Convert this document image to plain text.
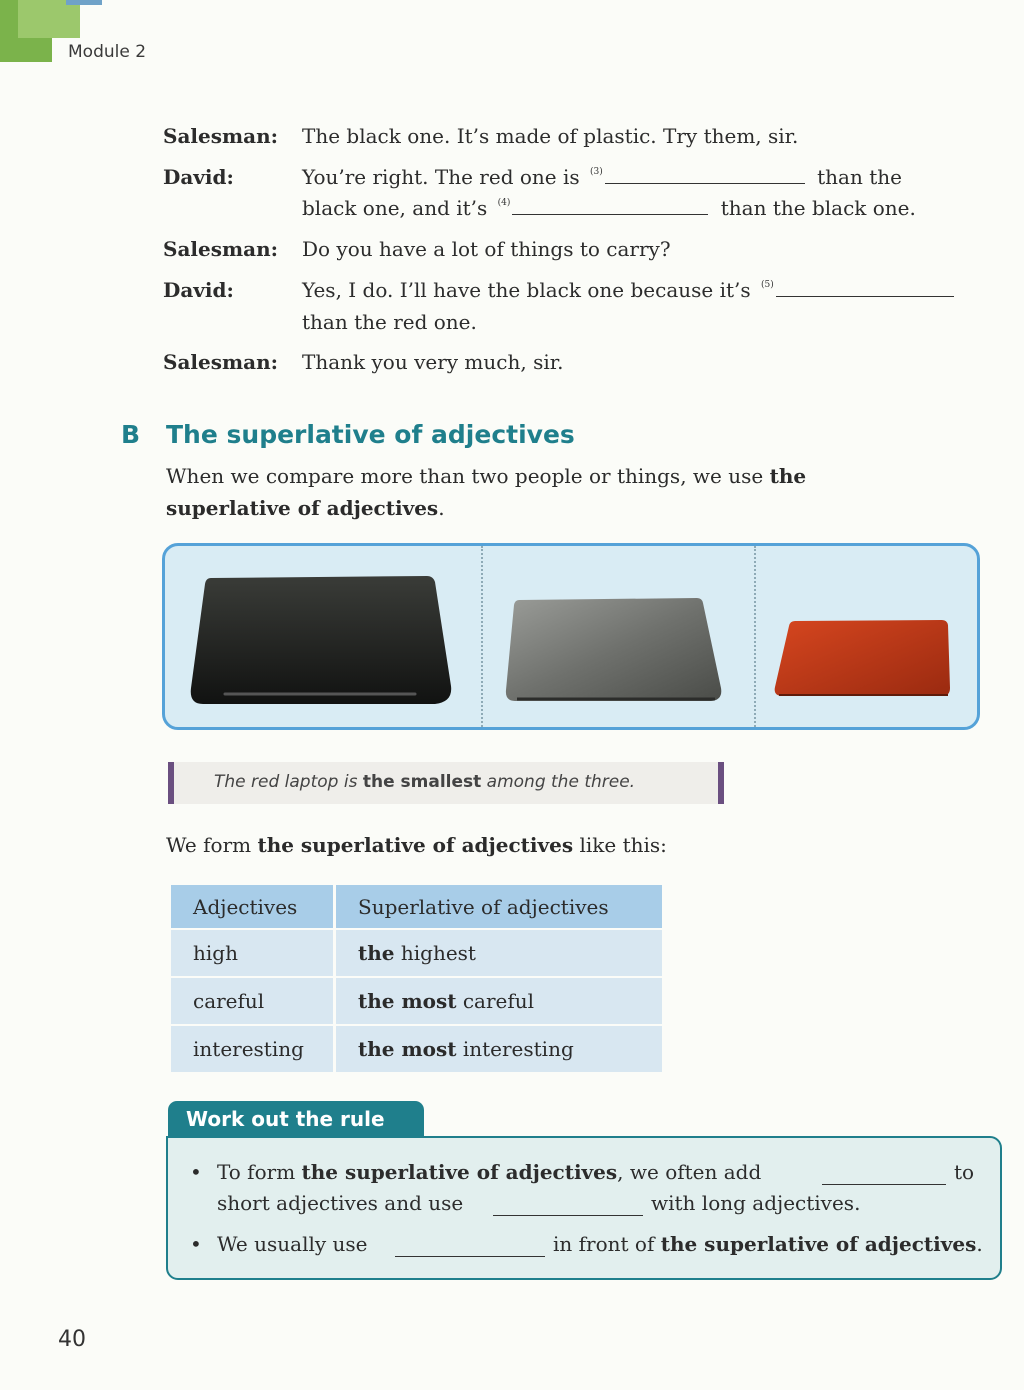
Module 2
Salesman: The black one. It’s made of plastic. Try them, sir.
David:	You’re right. The red one is $^{(3)}$	than the
black one, and it’s $^{(4)}$	than the black one.
Salesman: Do you have a lot of things to carry?
David:	Yes, I do. I’ll have the black one because it’s $^{(5)}$
than the red one.
Salesman: Thank you very much, sir.
B The superlative of adjectives
When we compare more than two people or things, we use the superlative of adjectives.
The red laptop is the smallest among the three.
We form the superlative of adjectives like this:
Adjectives	Superlative of adjectives
high	the highest
careful	the most careful
interesting	the most interesting
Work out the rule
• To form the superlative of adjectives, we often add	to
short adjectives and use	with long adjectives.
• We usually use	in front of the superlative of adjectives.
40
